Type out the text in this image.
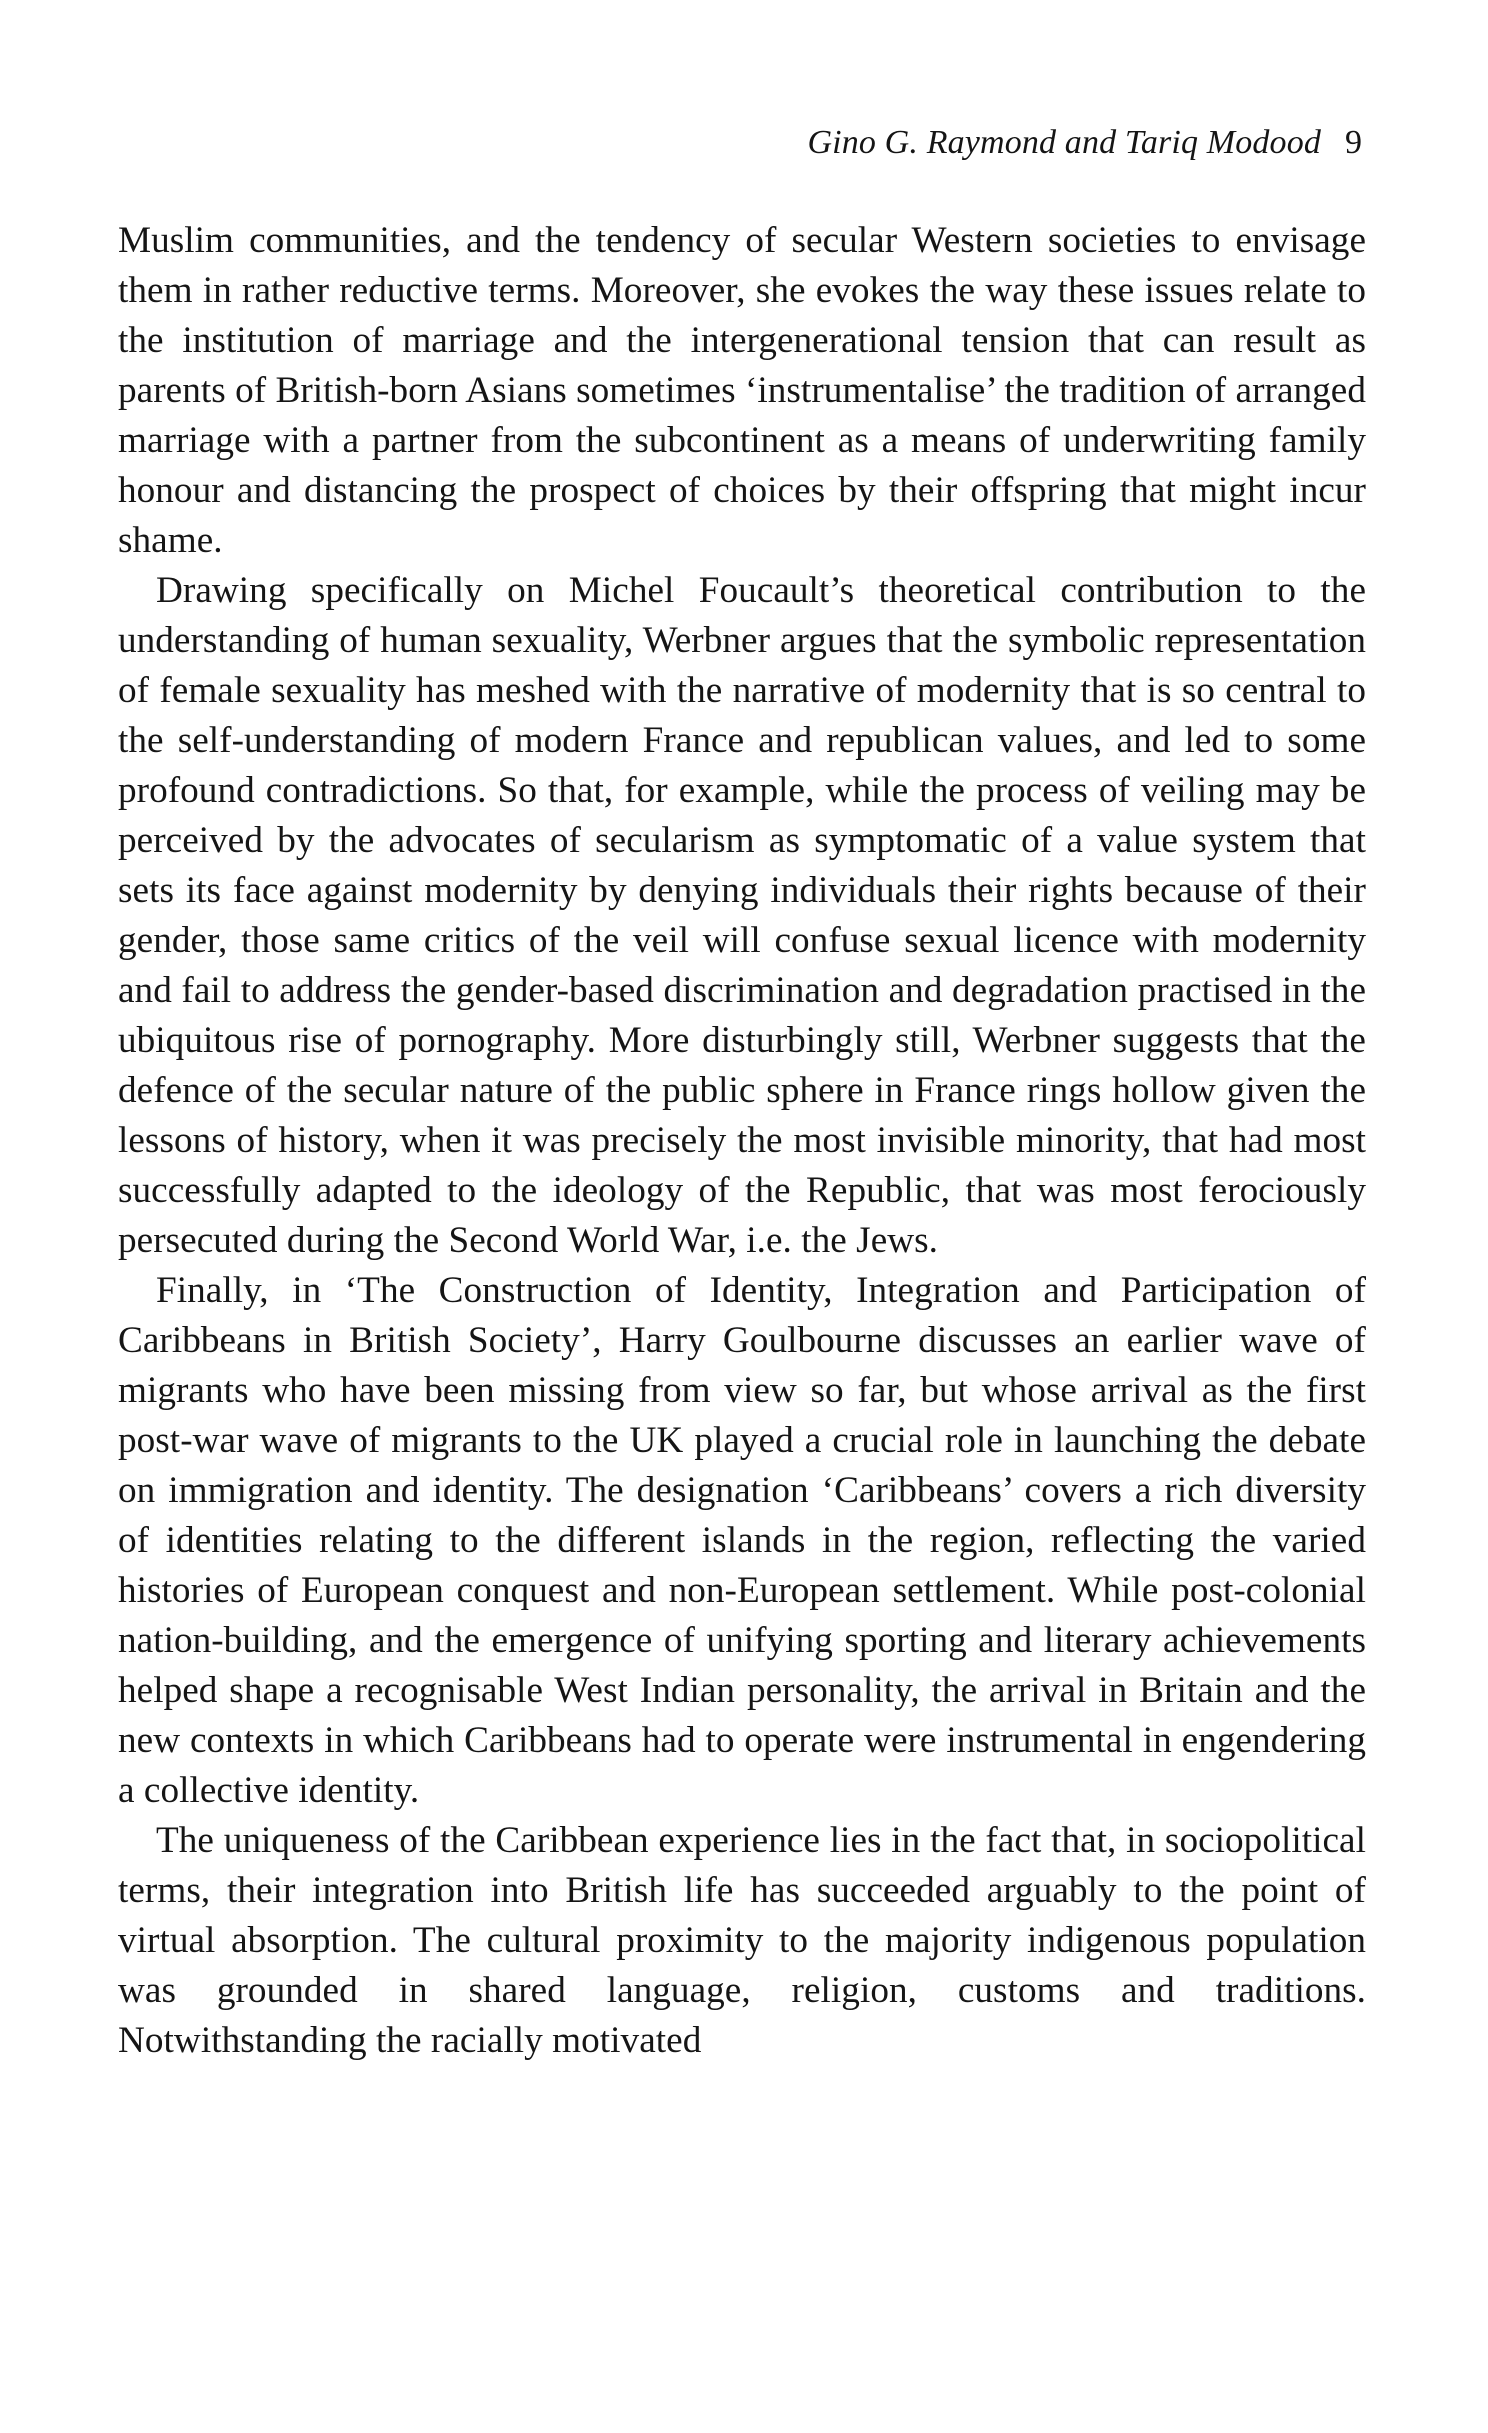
Gino G. Raymond and Tariq Modood 9

Muslim communities, and the tendency of secular Western societies to envisage them in rather reductive terms. Moreover, she evokes the way these issues relate to the institution of marriage and the intergenerational tension that can result as parents of British-born Asians sometimes ‘instrumentalise’ the tradition of arranged marriage with a partner from the subcontinent as a means of underwriting family honour and distancing the prospect of choices by their offspring that might incur shame.

Drawing specifically on Michel Foucault’s theoretical contribution to the understanding of human sexuality, Werbner argues that the symbolic representation of female sexuality has meshed with the narrative of modernity that is so central to the self-understanding of modern France and republican values, and led to some profound contradictions. So that, for example, while the process of veiling may be perceived by the advocates of secularism as symptomatic of a value system that sets its face against modernity by denying individuals their rights because of their gender, those same critics of the veil will confuse sexual licence with modernity and fail to address the gender-based discrimination and degradation practised in the ubiquitous rise of pornography. More disturbingly still, Werbner suggests that the defence of the secular nature of the public sphere in France rings hollow given the lessons of history, when it was precisely the most invisible minority, that had most successfully adapted to the ideology of the Republic, that was most ferociously persecuted during the Second World War, i.e. the Jews.

Finally, in ‘The Construction of Identity, Integration and Participation of Caribbeans in British Society’, Harry Goulbourne discusses an earlier wave of migrants who have been missing from view so far, but whose arrival as the first post-war wave of migrants to the UK played a crucial role in launching the debate on immigration and identity. The designation ‘Caribbeans’ covers a rich diversity of identities relating to the different islands in the region, reflecting the varied histories of European conquest and non-European settlement. While post-colonial nation-building, and the emergence of unifying sporting and literary achievements helped shape a recognisable West Indian personality, the arrival in Britain and the new contexts in which Caribbeans had to operate were instrumental in engendering a collective identity.

The uniqueness of the Caribbean experience lies in the fact that, in sociopolitical terms, their integration into British life has succeeded arguably to the point of virtual absorption. The cultural proximity to the majority indigenous population was grounded in shared language, religion, customs and traditions. Notwithstanding the racially motivated
